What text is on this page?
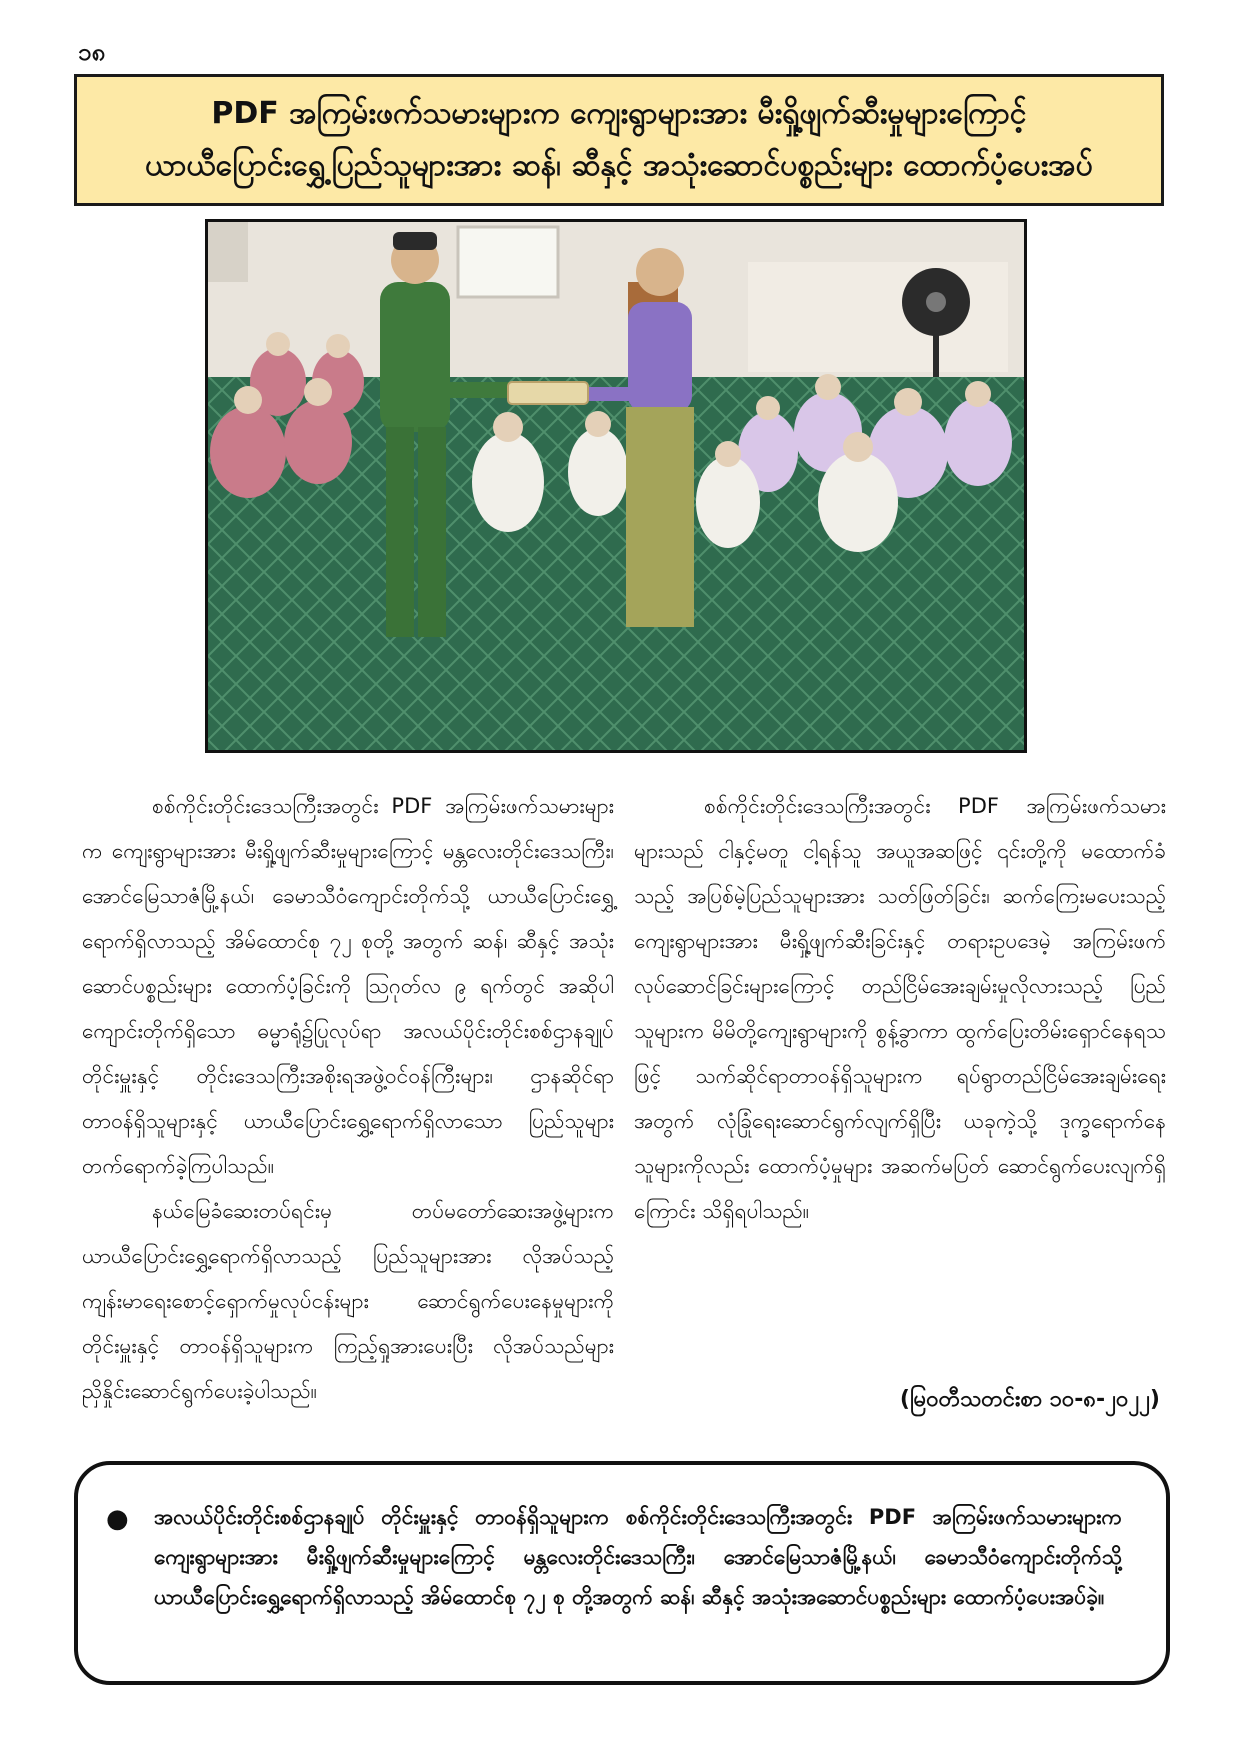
၁၈
PDF အကြမ်းဖက်သမားများက ကျေးရွာများအား မီးရှို့ဖျက်ဆီးမှုများကြောင့်
ယာယီပြောင်းရွှေ့ပြည်သူများအား ဆန်၊ ဆီနှင့် အသုံးဆောင်ပစ္စည်းများ ထောက်ပံ့ပေးအပ်

စစ်ကိုင်းတိုင်းဒေသကြီးအတွင်း PDF အကြမ်းဖက်သမားများက ကျေးရွာများအား မီးရှို့ဖျက်ဆီးမှုများကြောင့် မန္တလေးတိုင်းဒေသကြီး၊ အောင်မြေသာဇံမြို့နယ်၊ ခေမာသီဝံကျောင်းတိုက်သို့ ယာယီပြောင်းရွှေ့ရောက်ရှိလာသည့် အိမ်ထောင်စု ၇၂ စုတို့ အတွက် ဆန်၊ ဆီနှင့် အသုံးဆောင်ပစ္စည်းများ ထောက်ပံ့ခြင်းကို ဩဂုတ်လ ၉ ရက်တွင် အဆိုပါကျောင်းတိုက်ရှိသော ဓမ္မာရုံ၌ပြုလုပ်ရာ အလယ်ပိုင်းတိုင်းစစ်ဌာနချုပ် တိုင်းမှူးနှင့် တိုင်းဒေသကြီးအစိုးရအဖွဲ့ဝင်ဝန်ကြီးများ၊ ဌာနဆိုင်ရာတာဝန်ရှိသူများနှင့် ယာယီပြောင်းရွှေ့ရောက်ရှိလာသော ပြည်သူများ တက်ရောက်ခဲ့ကြပါသည်။

နယ်မြေခံဆေးတပ်ရင်းမှ တပ်မတော်ဆေးအဖွဲ့များက ယာယီပြောင်းရွှေ့ရောက်ရှိလာသည့် ပြည်သူများအား လိုအပ်သည့် ကျန်းမာရေးစောင့်ရှောက်မှုလုပ်ငန်းများ ဆောင်ရွက်ပေးနေမှုများကို တိုင်းမှူးနှင့် တာဝန်ရှိသူများက ကြည့်ရှုအားပေးပြီး လိုအပ်သည်များ ညှိနှိုင်းဆောင်ရွက်ပေးခဲ့ပါသည်။

စစ်ကိုင်းတိုင်းဒေသကြီးအတွင်း PDF အကြမ်းဖက်သမားများသည် ငါနှင့်မတူ ငါ့ရန်သူ အယူအဆဖြင့် ၎င်းတို့ကို မထောက်ခံသည့် အပြစ်မဲ့ပြည်သူများအား သတ်ဖြတ်ခြင်း၊ ဆက်ကြေးမပေးသည့် ကျေးရွာများအား မီးရှို့ဖျက်ဆီးခြင်းနှင့် တရားဥပဒေမဲ့ အကြမ်းဖက်လုပ်ဆောင်ခြင်းများကြောင့် တည်ငြိမ်အေးချမ်းမှုလိုလားသည့် ပြည်သူများက မိမိတို့ကျေးရွာများကို စွန့်ခွာကာ ထွက်ပြေးတိမ်းရှောင်နေရသဖြင့် သက်ဆိုင်ရာတာဝန်ရှိသူများက ရပ်ရွာတည်ငြိမ်အေးချမ်းရေးအတွက် လုံခြုံရေးဆောင်ရွက်လျက်ရှိပြီး ယခုကဲ့သို့ ဒုက္ခရောက်နေသူများကိုလည်း ထောက်ပံ့မှုများ အဆက်မပြတ် ဆောင်ရွက်ပေးလျက်ရှိကြောင်း သိရှိရပါသည်။

(မြဝတီသတင်းစာ ၁၀-၈-၂၀၂၂)
●	အလယ်ပိုင်းတိုင်းစစ်ဌာနချုပ် တိုင်းမှူးနှင့် တာဝန်ရှိသူများက စစ်ကိုင်းတိုင်းဒေသကြီးအတွင်း PDF အကြမ်းဖက်သမားများက ကျေးရွာများအား မီးရှို့ဖျက်ဆီးမှုများကြောင့် မန္တလေးတိုင်းဒေသကြီး၊ အောင်မြေသာဇံမြို့နယ်၊ ခေမာသီဝံကျောင်းတိုက်သို့ ယာယီပြောင်းရွှေ့ရောက်ရှိလာသည့် အိမ်ထောင်စု ၇၂ စု တို့အတွက် ဆန်၊ ဆီနှင့် အသုံးအဆောင်ပစ္စည်းများ ထောက်ပံ့ပေးအပ်ခဲ့။
